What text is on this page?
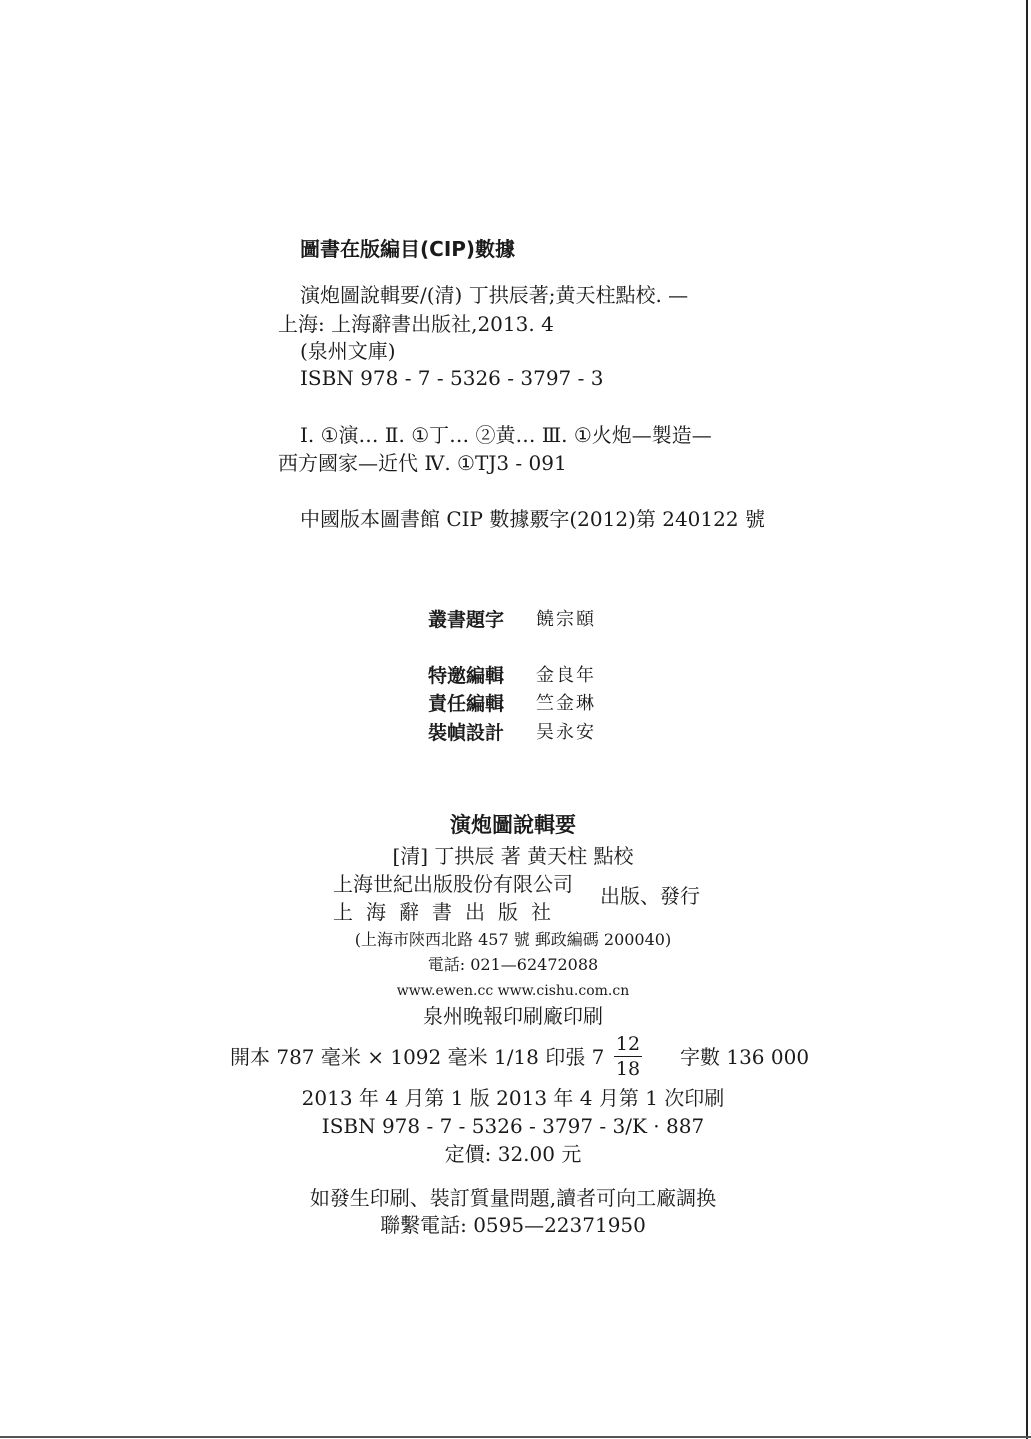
圖書在版編目(CIP)數據
演炮圖說輯要/(清) 丁拱辰著;黄天柱點校. —
上海: 上海辭書出版社,2013. 4
(泉州文庫)
ISBN 978 - 7 - 5326 - 3797 - 3
Ⅰ. ①演… Ⅱ. ①丁… ②黄… Ⅲ. ①火炮—製造—
西方國家—近代 Ⅳ. ①TJ3 - 091
中國版本圖書館 CIP 數據覈字(2012)第 240122 號
叢書題字	饒宗頤
特邀編輯	金良年
責任編輯	竺金琳
裝幀設計	吴永安
演炮圖說輯要
[清] 丁拱辰 著 黄天柱 點校
上海世紀出版股份有限公司
上海辭書出版社
出版、發行
(上海市陝西北路 457 號 郵政編碼 200040)
電話: 021—62472088
www.ewen.cc www.cishu.com.cn
泉州晚報印刷廠印刷
開本 787 毫米 × 1092 毫米 1/18 印張 7
12
18 字數 136 000
2013 年 4 月第 1 版 2013 年 4 月第 1 次印刷
ISBN 978 - 7 - 5326 - 3797 - 3/K · 887
定價: 32.00 元
如發生印刷、裝訂質量問題,讀者可向工廠調换
聯繫電話: 0595—22371950
